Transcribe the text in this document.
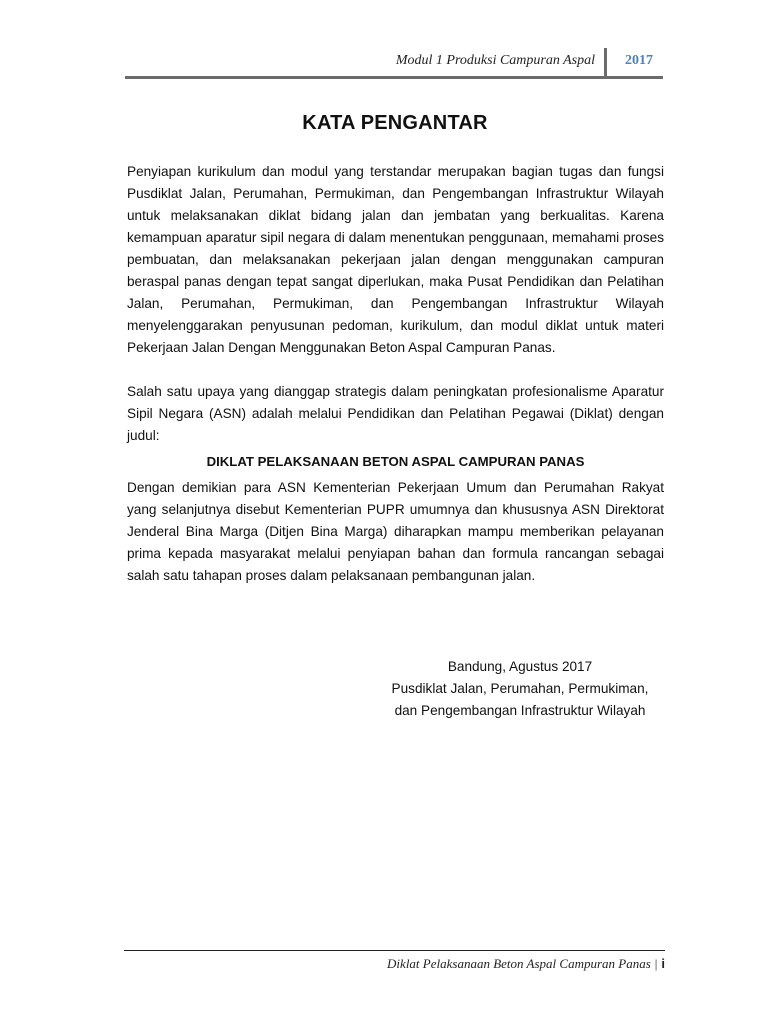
Modul 1 Produksi Campuran Aspal 2017
KATA PENGANTAR

Penyiapan kurikulum dan modul yang terstandar merupakan bagian tugas dan fungsi Pusdiklat Jalan, Perumahan, Permukiman, dan Pengembangan Infrastruktur Wilayah untuk melaksanakan diklat bidang jalan dan jembatan yang berkualitas. Karena kemampuan aparatur sipil negara di dalam menentukan penggunaan, memahami proses pembuatan, dan melaksanakan pekerjaan jalan dengan menggunakan campuran beraspal panas dengan tepat sangat diperlukan, maka Pusat Pendidikan dan Pelatihan Jalan, Perumahan, Permukiman, dan Pengembangan Infrastruktur Wilayah menyelenggarakan penyusunan pedoman, kurikulum, dan modul diklat untuk materi Pekerjaan Jalan Dengan Menggunakan Beton Aspal Campuran Panas.

Salah satu upaya yang dianggap strategis dalam peningkatan profesionalisme Aparatur Sipil Negara (ASN) adalah melalui Pendidikan dan Pelatihan Pegawai (Diklat) dengan judul:

DIKLAT PELAKSANAAN BETON ASPAL CAMPURAN PANAS

Dengan demikian para ASN Kementerian Pekerjaan Umum dan Perumahan Rakyat yang selanjutnya disebut Kementerian PUPR umumnya dan khususnya ASN Direktorat Jenderal Bina Marga (Ditjen Bina Marga) diharapkan mampu memberikan pelayanan prima kepada masyarakat melalui penyiapan bahan dan formula rancangan sebagai salah satu tahapan proses dalam pelaksanaan pembangunan jalan.

Bandung, Agustus 2017
Pusdiklat Jalan, Perumahan, Permukiman,
dan Pengembangan Infrastruktur Wilayah
Diklat Pelaksanaan Beton Aspal Campuran Panas | i
